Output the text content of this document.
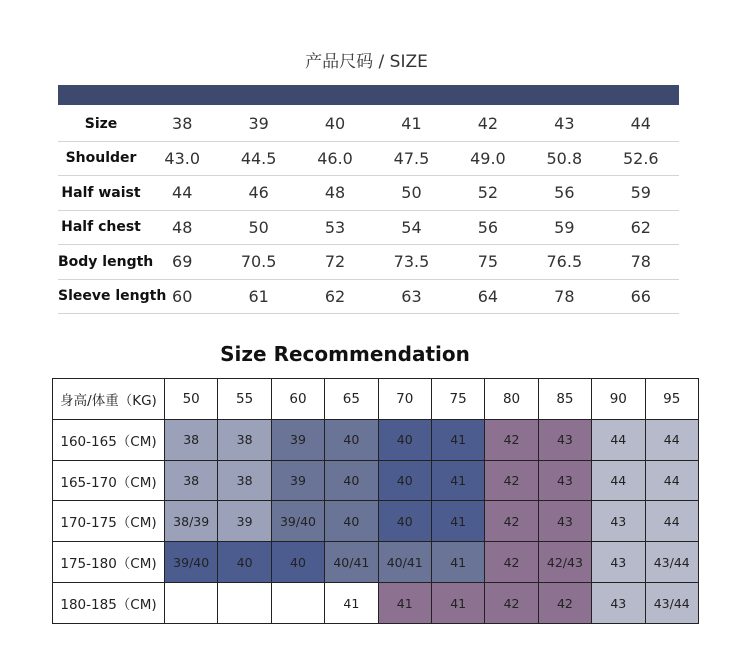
产品尺码 / SIZE
Size	38	39	40	41	42	43	44
Shoulder	43.0	44.5	46.0	47.5	49.0	50.8	52.6
Half waist	44	46	48	50	52	56	59
Half chest	48	50	53	54	56	59	62
Body length	69	70.5	72	73.5	75	76.5	78
Sleeve length	60	61	62	63	64	78	66
Size Recommendation
身高/体重（KG)	50	55	60	65	70	75	80	85	90	95
160-165（CM)	38	38	39	40	40	41	42	43	44	44
165-170（CM)	38	38	39	40	40	41	42	43	44	44
170-175（CM)	38/39	39	39/40	40	40	41	42	43	43	44
175-180（CM)	39/40	40	40	40/41	40/41	41	42	42/43	43	43/44
180-185（CM)				41	41	41	42	42	43	43/44
